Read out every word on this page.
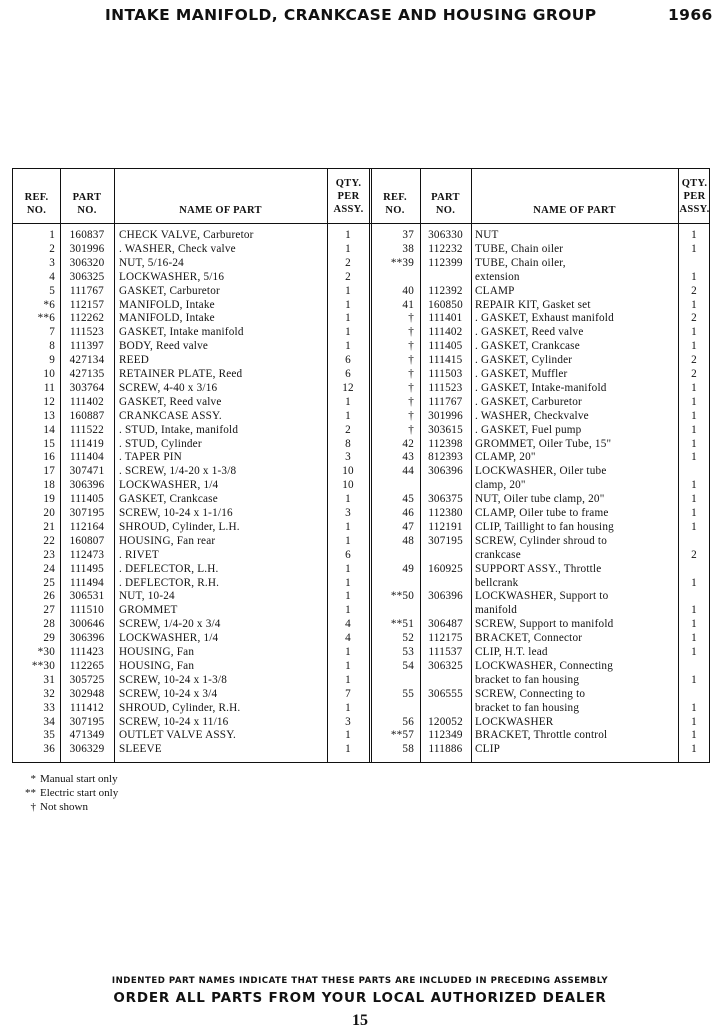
INTAKE MANIFOLD, CRANKCASE AND HOUSING GROUP	1966
REF.
NO.
PART
NO.	NAME OF PART
QTY.
PER
ASSY.
REF.
NO.
PART
NO.	NAME OF PART
QTY.
PER
ASSY.
1	160837	CHECK VALVE, Carburetor	1
2	301996	. WASHER, Check valve	1
3	306320	NUT, 5/16-24	2
4	306325	LOCKWASHER, 5/16	2
5	111767	GASKET, Carburetor	1
*6	112157	MANIFOLD, Intake	1
**6	112262	MANIFOLD, Intake	1
7	111523	GASKET, Intake manifold	1
8	111397	BODY, Reed valve	1
9	427134	REED	6
10	427135	RETAINER PLATE, Reed	6
11	303764	SCREW, 4-40 x 3/16	12
12	111402	GASKET, Reed valve	1
13	160887	CRANKCASE ASSY.	1
14	111522	. STUD, Intake, manifold	2
15	111419	. STUD, Cylinder	8
16	111404	. TAPER PIN	3
17	307471	. SCREW, 1/4-20 x 1-3/8	10
18	306396	LOCKWASHER, 1/4	10
19	111405	GASKET, Crankcase	1
20	307195	SCREW, 10-24 x 1-1/16	3
21	112164	SHROUD, Cylinder, L.H.	1
22	160807	HOUSING, Fan rear	1
23	112473	. RIVET	6
24	111495	. DEFLECTOR, L.H.	1
25	111494	. DEFLECTOR, R.H.	1
26	306531	NUT, 10-24	1
27	111510	GROMMET	1
28	300646	SCREW, 1/4-20 x 3/4	4
29	306396	LOCKWASHER, 1/4	4
*30	111423	HOUSING, Fan	1
**30	112265	HOUSING, Fan	1
31	305725	SCREW, 10-24 x 1-3/8	1
32	302948	SCREW, 10-24 x 3/4	7
33	111412	SHROUD, Cylinder, R.H.	1
34	307195	SCREW, 10-24 x 11/16	3
35	471349	OUTLET VALVE ASSY.	1
36	306329	SLEEVE	1
37	306330	NUT	1
38	112232	TUBE, Chain oiler	1
**39	112399	TUBE, Chain oiler,
extension	1
40	112392	CLAMP	2
41	160850	REPAIR KIT, Gasket set	1
†	111401	. GASKET, Exhaust manifold	2
†	111402	. GASKET, Reed valve	1
†	111405	. GASKET, Crankcase	1
†	111415	. GASKET, Cylinder	2
†	111503	. GASKET, Muffler	2
†	111523	. GASKET, Intake-manifold	1
†	111767	. GASKET, Carburetor	1
†	301996	. WASHER, Checkvalve	1
†	303615	. GASKET, Fuel pump	1
42	112398	GROMMET, Oiler Tube, 15"	1
43	812393	CLAMP, 20"	1
44	306396	LOCKWASHER, Oiler tube
clamp, 20"	1
45	306375	NUT, Oiler tube clamp, 20"	1
46	112380	CLAMP, Oiler tube to frame	1
47	112191	CLIP, Taillight to fan housing	1
48	307195	SCREW, Cylinder shroud to
crankcase	2
49	160925	SUPPORT ASSY., Throttle
bellcrank	1
**50	306396	LOCKWASHER, Support to
manifold	1
**51	306487	SCREW, Support to manifold	1
52	112175	BRACKET, Connector	1
53	111537	CLIP, H.T. lead	1
54	306325	LOCKWASHER, Connecting
bracket to fan housing	1
55	306555	SCREW, Connecting to
bracket to fan housing	1
56	120052	LOCKWASHER	1
**57	112349	BRACKET, Throttle control	1
58	111886	CLIP	1
* Manual start only
** Electric start only
† Not shown
INDENTED PART NAMES INDICATE THAT THESE PARTS ARE INCLUDED IN PRECEDING ASSEMBLY
ORDER ALL PARTS FROM YOUR LOCAL AUTHORIZED DEALER
15
